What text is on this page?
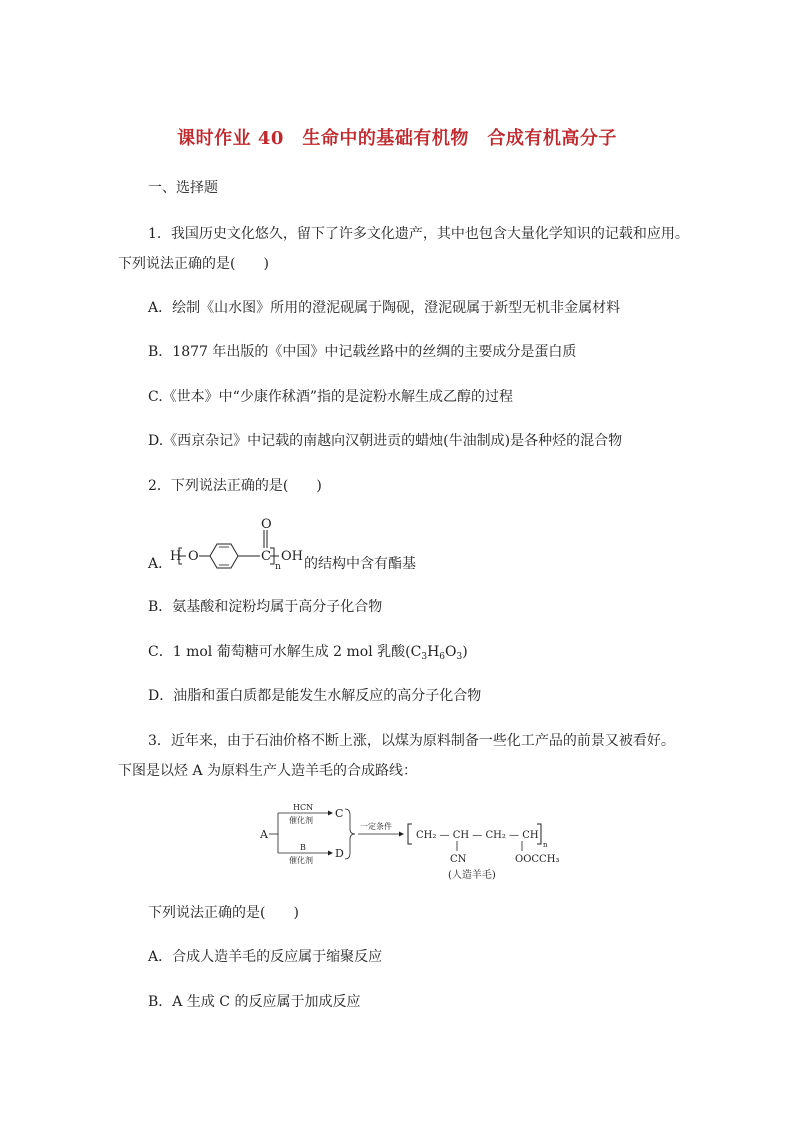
课时作业 40　生命中的基础有机物　合成有机高分子
一、选择题
1．我国历史文化悠久，留下了许多文化遗产，其中也包含大量化学知识的记载和应用。
下列说法正确的是(　　)
A．绘制《山水图》所用的澄泥砚属于陶砚，澄泥砚属于新型无机非金属材料
B．1877 年出版的《中国》中记载丝路中的丝绸的主要成分是蛋白质
C.《世本》中“少康作秫酒”指的是淀粉水解生成乙醇的过程
D.《西京杂记》中记载的南越向汉朝进贡的蜡烛(牛油制成)是各种烃的混合物
2．下列说法正确的是(　　)
A．
H O	C
O
n
OH 的结构中含有酯基
B．氨基酸和淀粉均属于高分子化合物
C．1 mol 葡萄糖可水解生成 2 mol 乳酸$(C_3H_6O_3)$
D．油脂和蛋白质都是能发生水解反应的高分子化合物
3．近年来，由于石油价格不断上涨，以煤为原料制备一些化工产品的前景又被看好。
下图是以烃 A 为原料生产人造羊毛的合成路线：
A
HCN
催化剂
C
B
催化剂
D
一定条件
CH₂ — CH — CH₂ — CH
n
CN	OOCCH₃
(人造羊毛)
下列说法正确的是(　　)
A．合成人造羊毛的反应属于缩聚反应
B．A 生成 C 的反应属于加成反应
